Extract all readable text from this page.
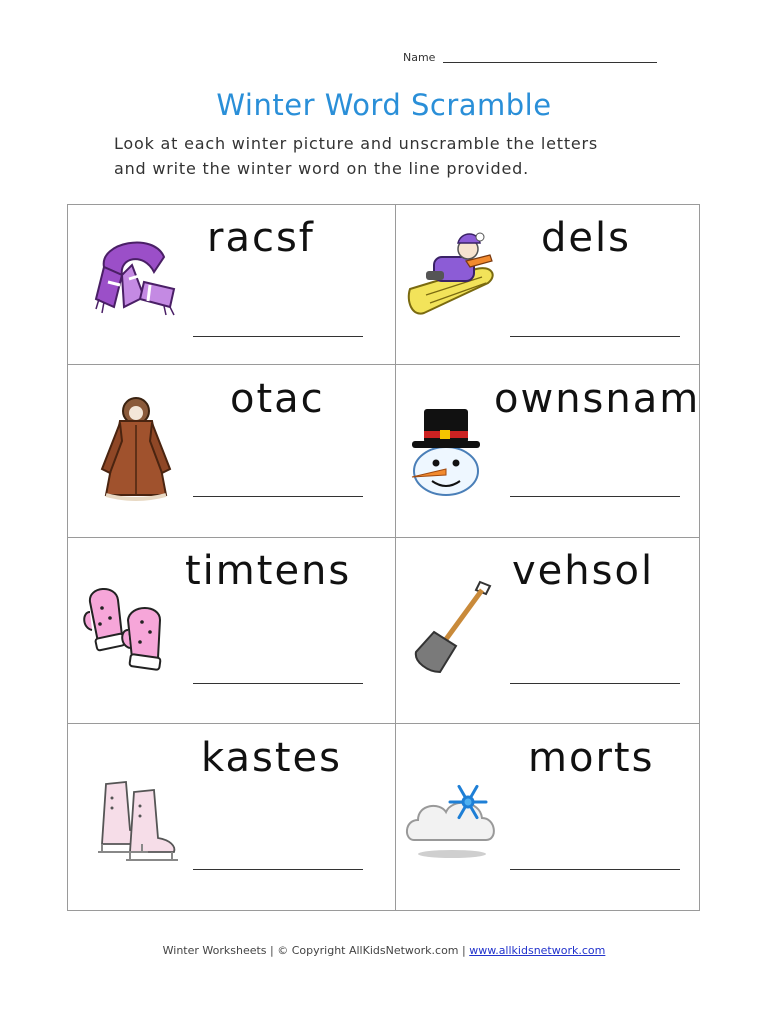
Name
Winter Word Scramble
Look at each winter picture and unscramble the letters
and write the winter word on the line provided.
racsf	dels
otac	ownsnam
timtens	vehsol
kastes	morts
Winter Worksheets | © Copyright AllKidsNetwork.com | www.allkidsnetwork.com
